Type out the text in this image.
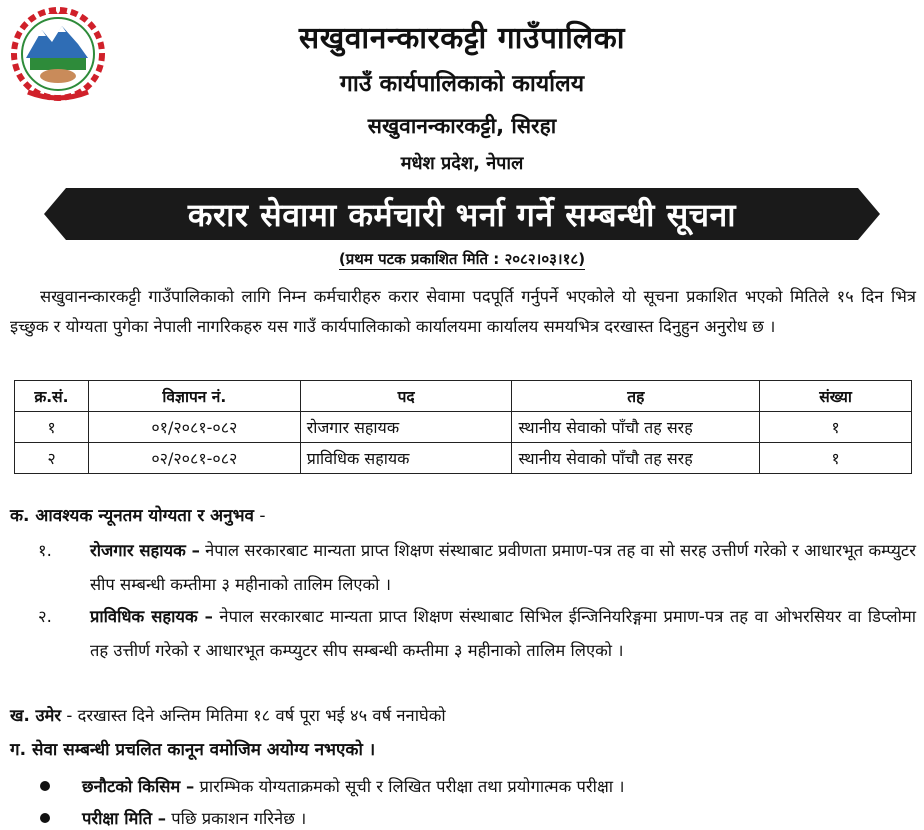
सखुवानन्कारकट्टी गाउँपालिका
गाउँ कार्यपालिकाको कार्यालय
सखुवानन्कारकट्टी, सिरहा
मधेश प्रदेश, नेपाल
करार सेवामा कर्मचारी भर्ना गर्ने सम्बन्धी सूचना
(प्रथम पटक प्रकाशित मिति : २०८२।०३।१८)
सखुवानन्कारकट्टी गाउँपालिकाको लागि निम्न कर्मचारीहरु करार सेवामा पदपूर्ति गर्नुपर्ने भएकोले यो सूचना प्रकाशित भएको मितिले १५ दिन भित्र इच्छुक र योग्यता पुगेका नेपाली नागरिकहरु यस गाउँ कार्यपालिकाको कार्यालयमा कार्यालय समयभित्र दरखास्त दिनुहुन अनुरोध छ ।
क्र.सं.	विज्ञापन नं.	पद	तह	संख्या
१	०१/२०८१-०८२	रोजगार सहायक	स्थानीय सेवाको पाँचौ तह सरह	१
२	०२/२०८१-०८२	प्राविधिक सहायक	स्थानीय सेवाको पाँचौ तह सरह	१
क. आवश्यक न्यूनतम योग्यता र अनुभव -
१. रोजगार सहायक – नेपाल सरकारबाट मान्यता प्राप्त शिक्षण संस्थाबाट प्रवीणता प्रमाण-पत्र तह वा सो सरह उत्तीर्ण गरेको र आधारभूत कम्प्युटर सीप सम्बन्धी कम्तीमा ३ महीनाको तालिम लिएको ।
२. प्राविधिक सहायक – नेपाल सरकारबाट मान्यता प्राप्त शिक्षण संस्थाबाट सिभिल ईन्जिनियरिङ्गमा प्रमाण-पत्र तह वा ओभरसियर वा डिप्लोमा तह उत्तीर्ण गरेको र आधारभूत कम्प्युटर सीप सम्बन्धी कम्तीमा ३ महीनाको तालिम लिएको ।
ख. उमेर - दरखास्त दिने अन्तिम मितिमा १८ वर्ष पूरा भई ४५ वर्ष ननाघेको
ग. सेवा सम्बन्धी प्रचलित कानून वमोजिम अयोग्य नभएको ।
छनौटको किसिम – प्रारम्भिक योग्यताक्रमको सूची र लिखित परीक्षा तथा प्रयोगात्मक परीक्षा ।
परीक्षा मिति – पछि प्रकाशन गरिनेछ ।
